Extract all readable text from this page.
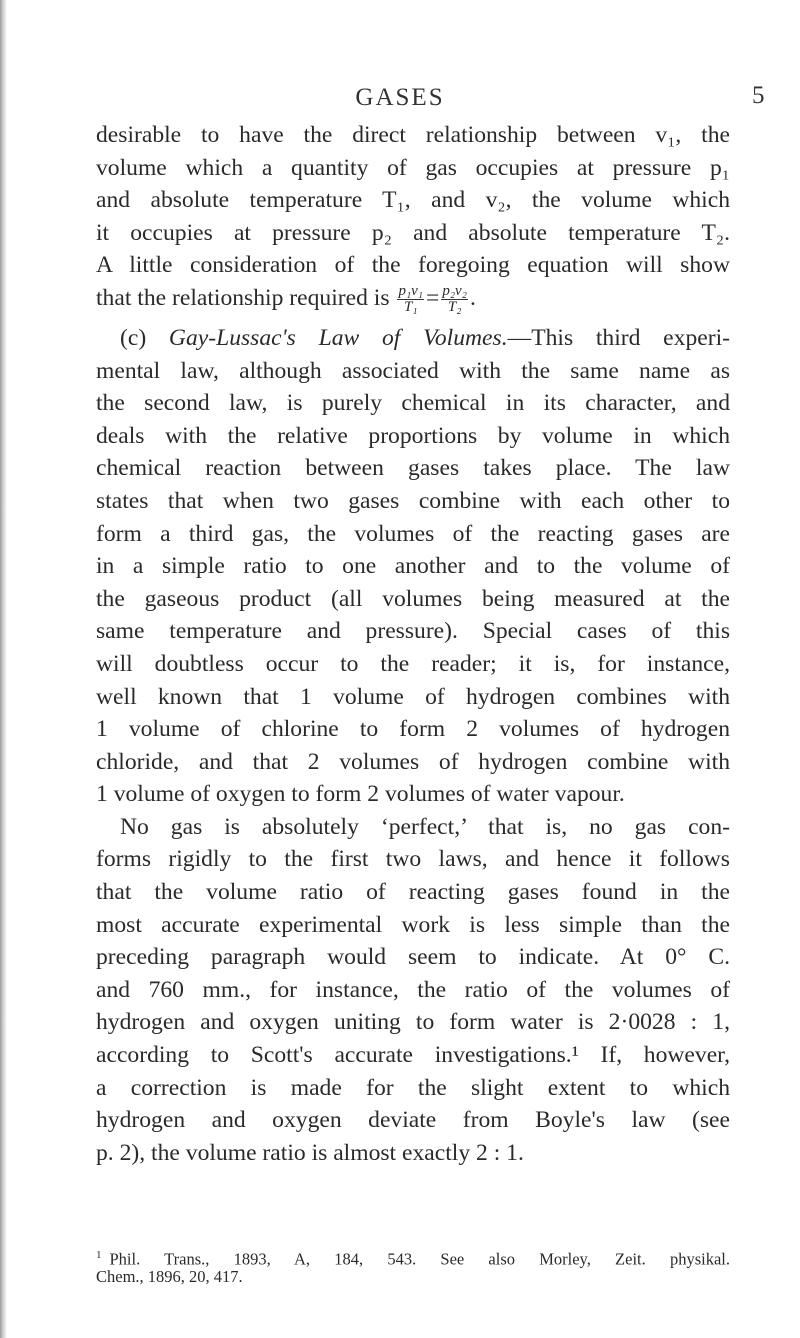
GASES	5
desirable to have the direct relationship between v₁, the
volume which a quantity of gas occupies at pressure p₁
and absolute temperature T₁, and v₂, the volume which
it occupies at pressure p₂ and absolute temperature T₂.
A little consideration of the foregoing equation will show
that the relationship required is $\frac{\text{p₁v₁}}{\text{T₁}} = \frac{\text{p₂v₂}}{\text{T₂}}$ .
(c) Gay-Lussac's Law of Volumes.—This third experi-
mental law, although associated with the same name as
the second law, is purely chemical in its character, and
deals with the relative proportions by volume in which
chemical reaction between gases takes place. The law
states that when two gases combine with each other to
form a third gas, the volumes of the reacting gases are
in a simple ratio to one another and to the volume of
the gaseous product (all volumes being measured at the
same temperature and pressure). Special cases of this
will doubtless occur to the reader; it is, for instance,
well known that 1 volume of hydrogen combines with
1 volume of chlorine to form 2 volumes of hydrogen
chloride, and that 2 volumes of hydrogen combine with
1 volume of oxygen to form 2 volumes of water vapour.
No gas is absolutely ‘perfect,’ that is, no gas con-
forms rigidly to the first two laws, and hence it follows
that the volume ratio of reacting gases found in the
most accurate experimental work is less simple than the
preceding paragraph would seem to indicate. At 0° C.
and 760 mm., for instance, the ratio of the volumes of
hydrogen and oxygen uniting to form water is 2·0028 : 1,
according to Scott's accurate investigations.¹ If, however,
a correction is made for the slight extent to which
hydrogen and oxygen deviate from Boyle's law (see
p. 2), the volume ratio is almost exactly 2 : 1.
$^1$ Phil. Trans., 1893, A, 184, 543. See also Morley, Zeit. physikal.
Chem., 1896, 20, 417.
